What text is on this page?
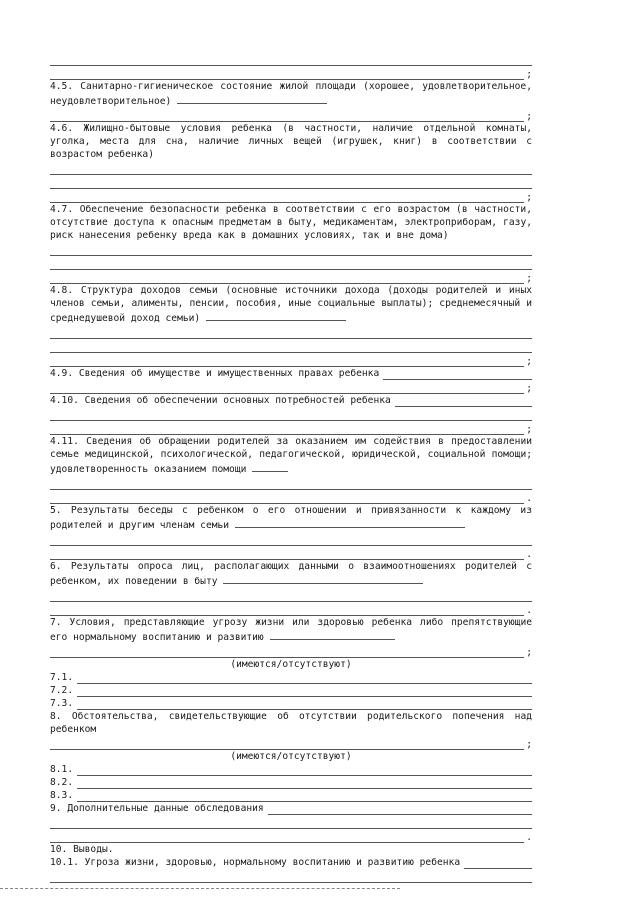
;

4.5. Санитарно-гигиеническое состояние жилой площади (хорошее, удовлетворительное, неудовлетворительное)

;

4.6. Жилищно-бытовые условия ребенка (в частности, наличие отдельной комнаты, уголка, места для сна, наличие личных вещей (игрушек, книг) в соответствии с возрастом ребенка)

;

4.7. Обеспечение безопасности ребенка в соответствии с его возрастом (в частности, отсутствие доступа к опасным предметам в быту, медикаментам, электроприборам, газу, риск нанесения ребенку вреда как в домашних условиях, так и вне дома)

;

4.8. Структура доходов семьи (основные источники дохода (доходы родителей и иных членов семьи, алименты, пенсии, пособия, иные социальные выплаты); среднемесячный и среднедушевой доход семьи)

;
4.9. Сведения об имуществе и имущественных правах ребенка
;
4.10. Сведения об обеспечении основных потребностей ребенка
;

4.11. Сведения об обращении родителей за оказанием им содействия в предоставлении семье медицинской, психологической, педагогической, юридической, социальной помощи; удовлетворенность оказанием помощи

.

5. Результаты беседы с ребенком о его отношении и привязанности к каждому из родителей и другим членам семьи

.

6. Результаты опроса лиц, располагающих данными о взаимоотношениях родителей с ребенком, их поведении в быту

.

7. Условия, представляющие угрозу жизни или здоровью ребенка либо препятствующие его нормальному воспитанию и развитию

;
(имеются/отсутствуют)
7.1.
7.2.
7.3.

8. Обстоятельства, свидетельствующие об отсутствии родительского попечения над ребенком

;
(имеются/отсутствуют)
8.1.
8.2.
8.3.
9. Дополнительные данные обследования
.
10. Выводы.
10.1. Угроза жизни, здоровью, нормальному воспитанию и развитию ребенка
